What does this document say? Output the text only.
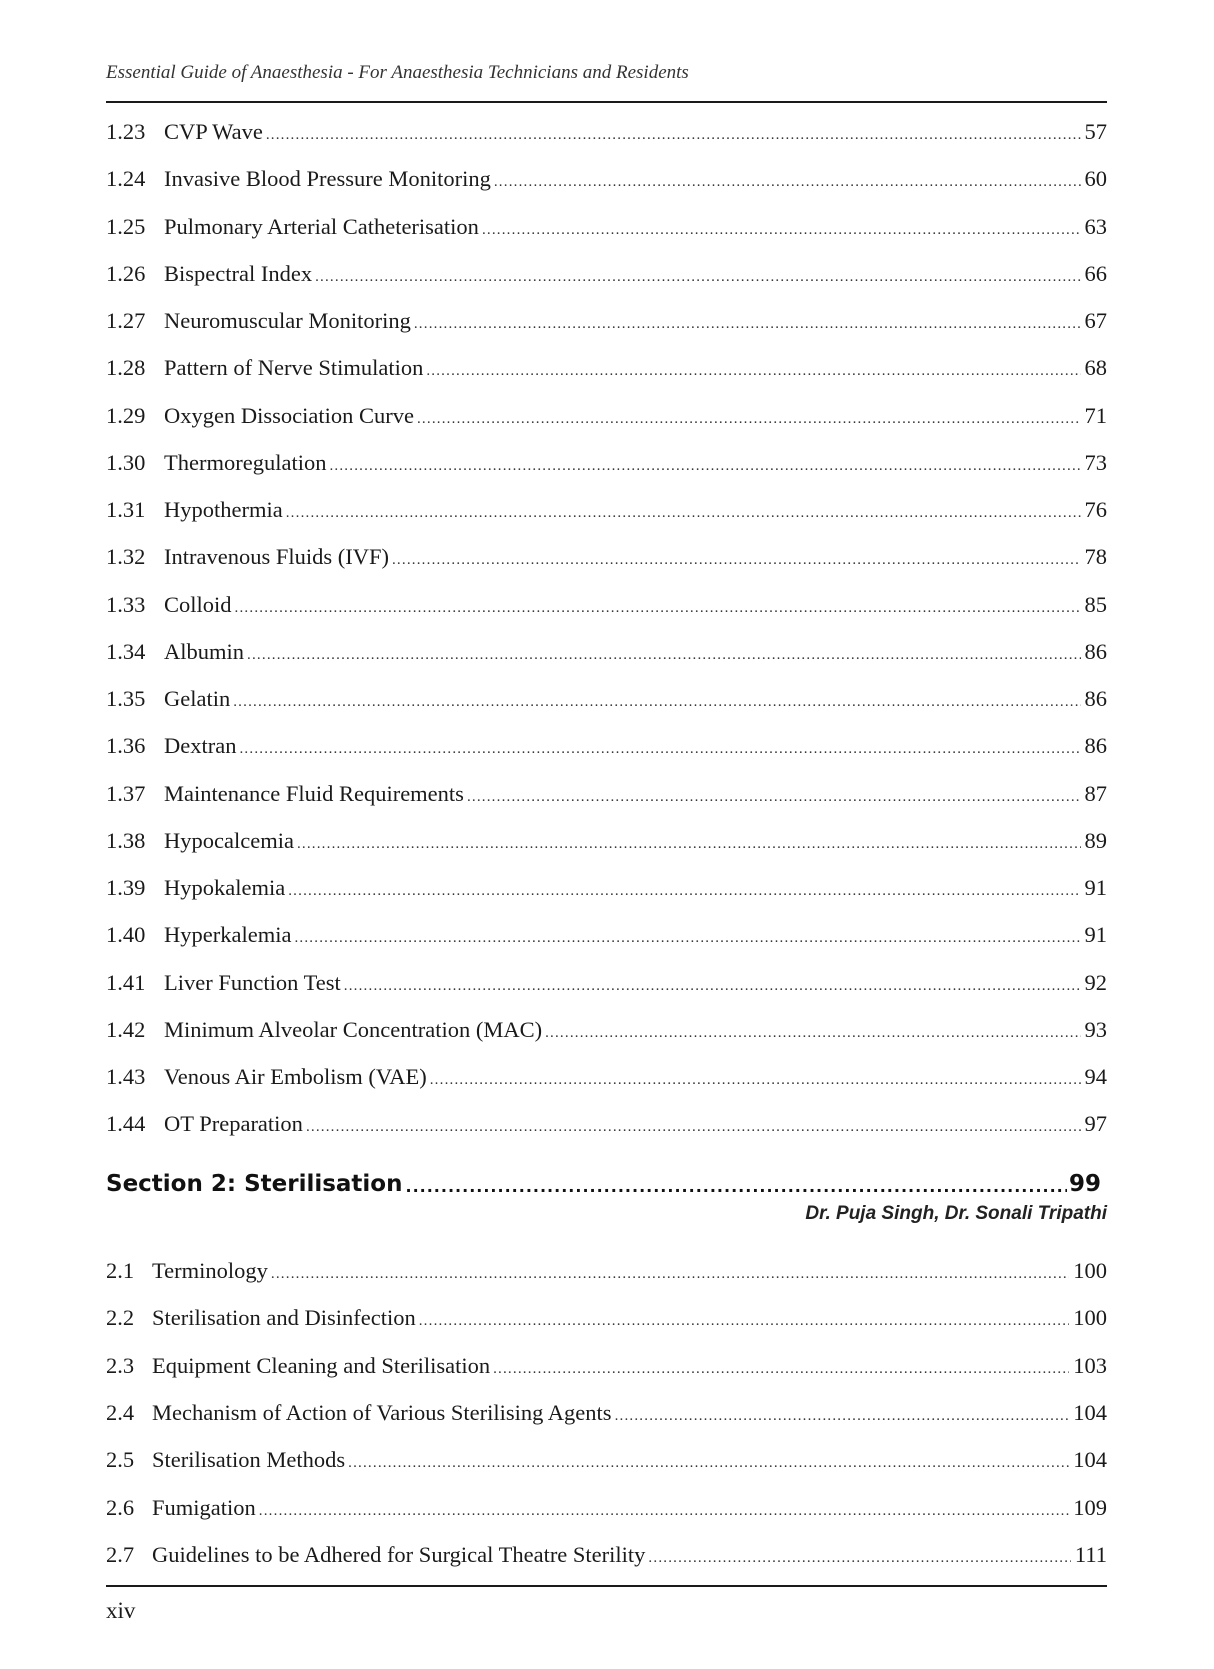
Essential Guide of Anaesthesia - For Anaesthesia Technicians and Residents
1.23 CVP Wave .....	57
1.24 Invasive Blood Pressure Monitoring .....	60
1.25 Pulmonary Arterial Catheterisation .....	63
1.26 Bispectral Index .....	66
1.27 Neuromuscular Monitoring .....	67
1.28 Pattern of Nerve Stimulation .....	68
1.29 Oxygen Dissociation Curve .....	71
1.30 Thermoregulation .....	73
1.31 Hypothermia .....	76
1.32 Intravenous Fluids (IVF) .....	78
1.33 Colloid .....	85
1.34 Albumin .....	86
1.35 Gelatin .....	86
1.36 Dextran .....	86
1.37 Maintenance Fluid Requirements .....	87
1.38 Hypocalcemia .....	89
1.39 Hypokalemia .....	91
1.40 Hyperkalemia .....	91
1.41 Liver Function Test .....	92
1.42 Minimum Alveolar Concentration (MAC) .....	93
1.43 Venous Air Embolism (VAE) .....	94
1.44 OT Preparation .....	97
Section 2: Sterilisation .....	99
Dr. Puja Singh, Dr. Sonali Tripathi
2.1 Terminology .....	100
2.2 Sterilisation and Disinfection .....	100
2.3 Equipment Cleaning and Sterilisation .....	103
2.4 Mechanism of Action of Various Sterilising Agents .....	104
2.5 Sterilisation Methods .....	104
2.6 Fumigation .....	109
2.7 Guidelines to be Adhered for Surgical Theatre Sterility .....	111
xiv
